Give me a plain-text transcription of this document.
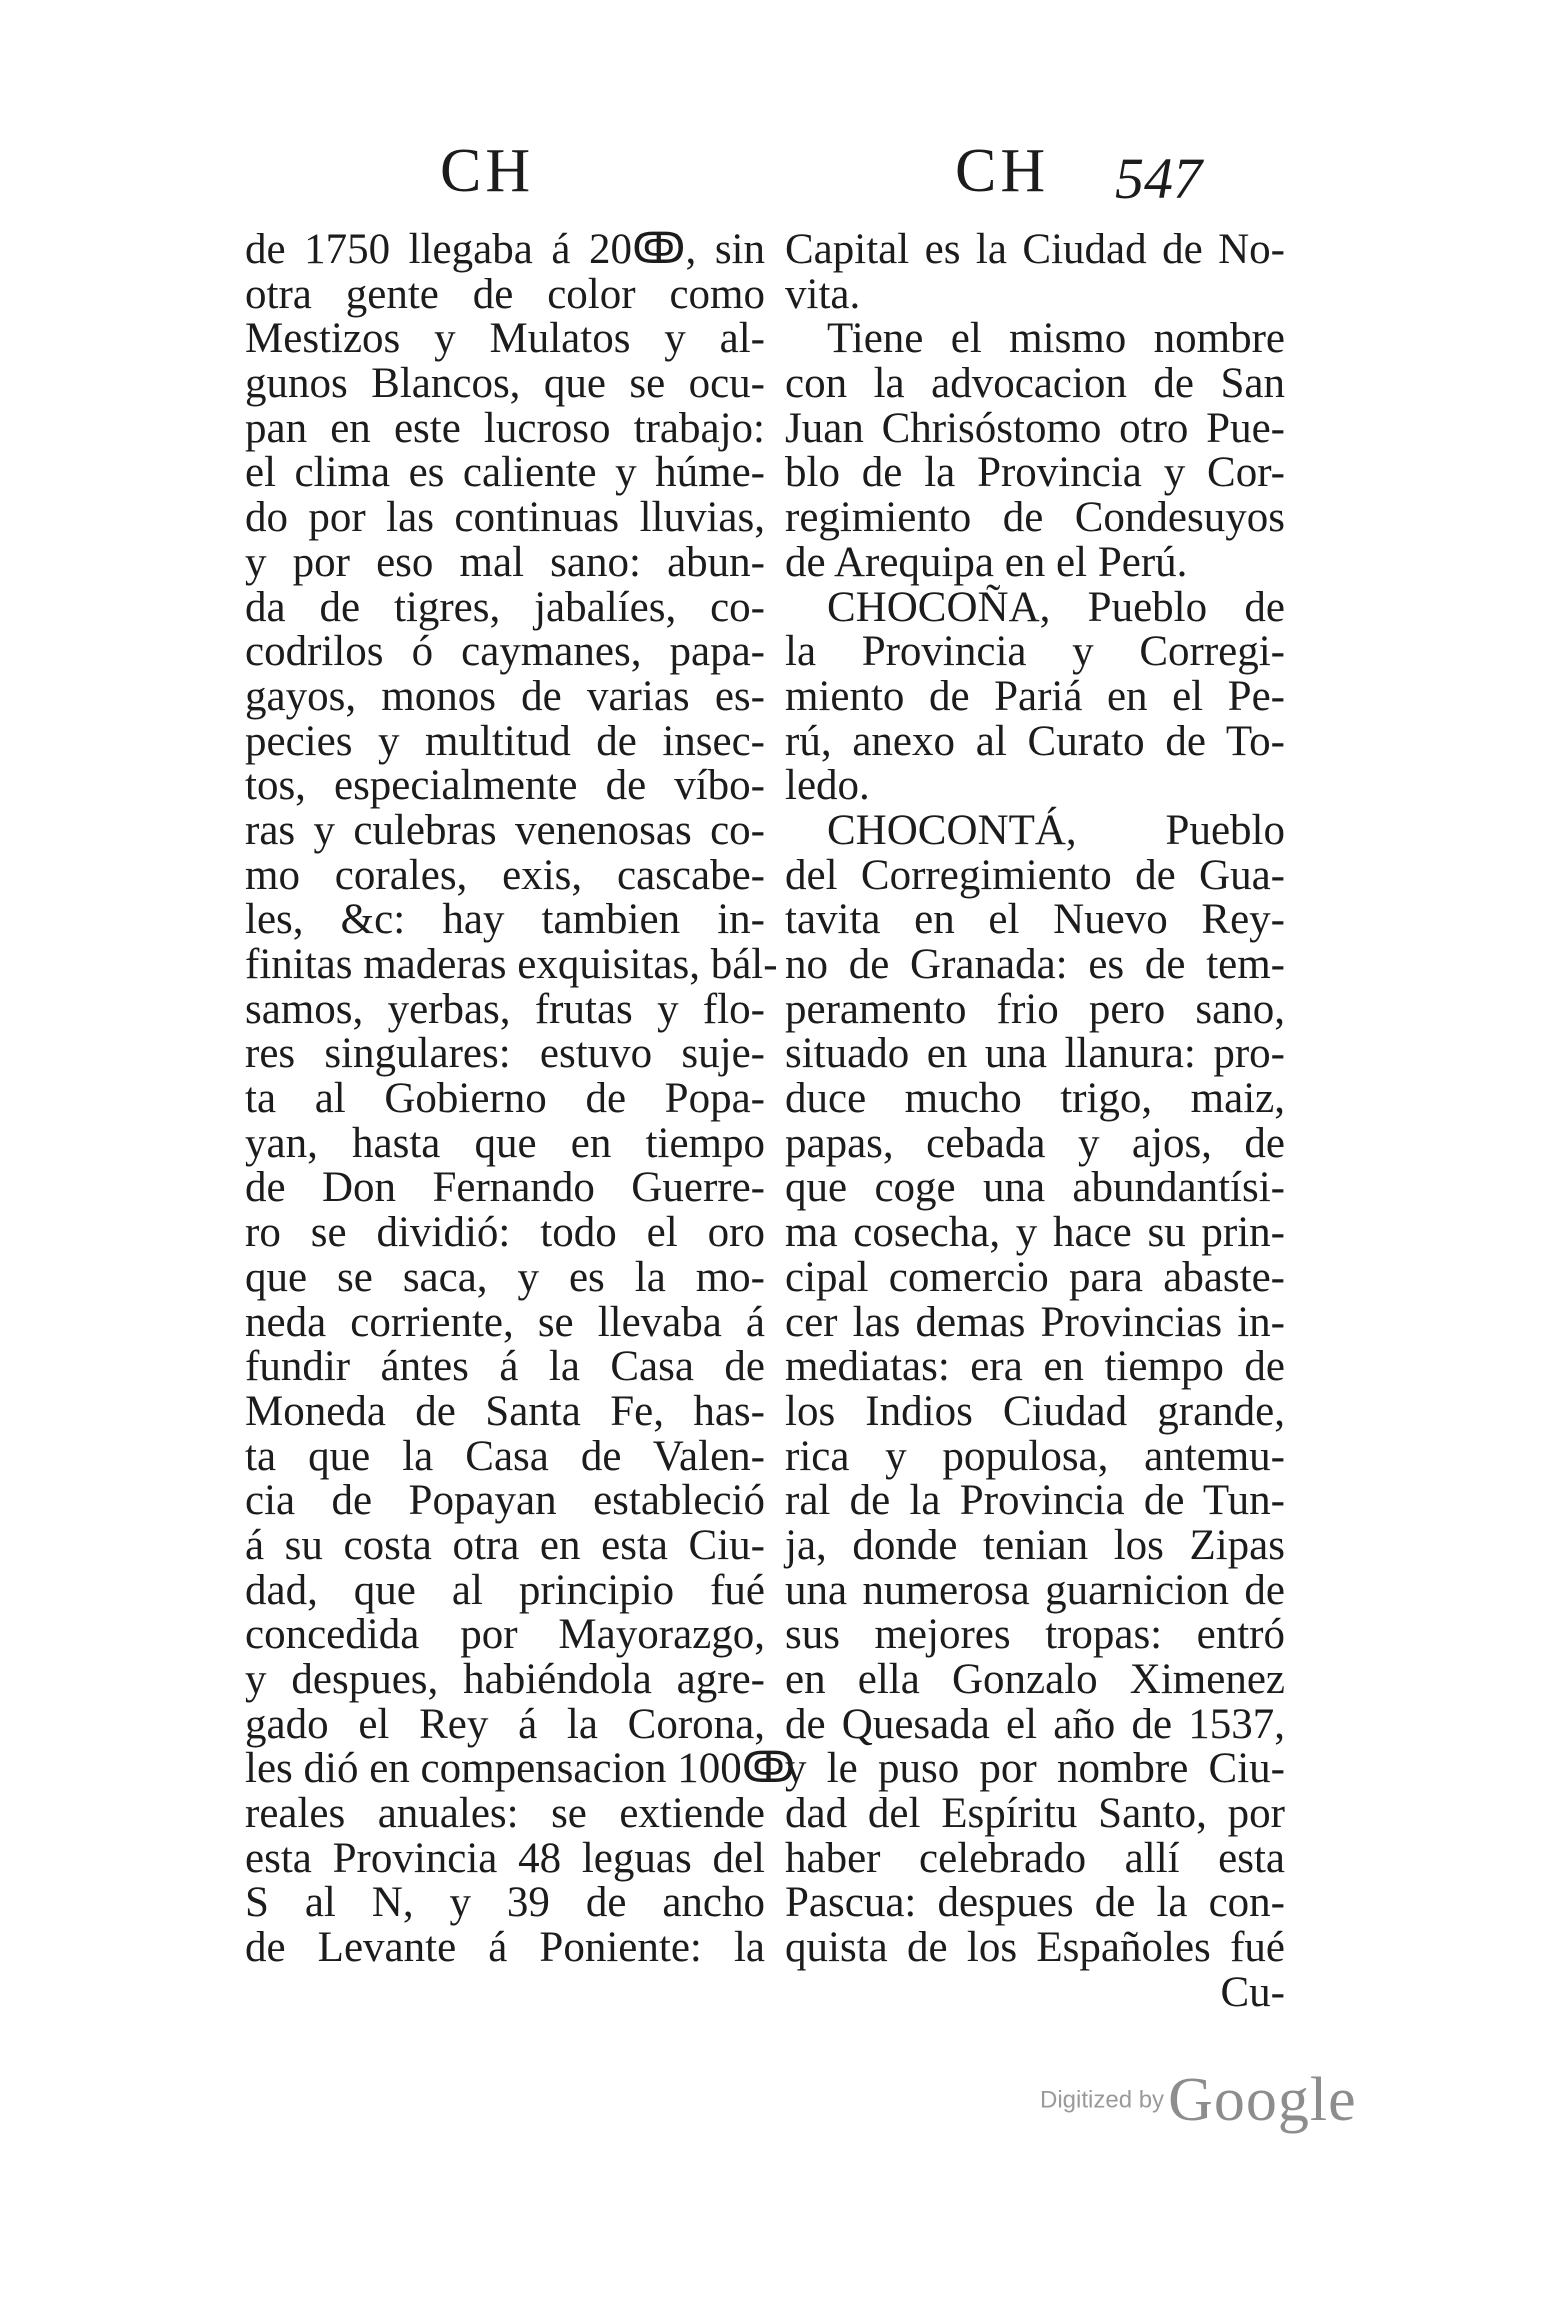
CH	CH 547
de 1750 llegaba á 20ↂ, sin
otra gente de color como
Mestizos y Mulatos y al-
gunos Blancos, que se ocu-
pan en este lucroso trabajo:
el clima es caliente y húme-
do por las continuas lluvias,
y por eso mal sano: abun-
da de tigres, jabalíes, co-
codrilos ó caymanes, papa-
gayos, monos de varias es-
pecies y multitud de insec-
tos, especialmente de víbo-
ras y culebras venenosas co-
mo corales, exis, cascabe-
les, &c: hay tambien in-
finitas maderas exquisitas, bál-
samos, yerbas, frutas y flo-
res singulares: estuvo suje-
ta al Gobierno de Popa-
yan, hasta que en tiempo
de Don Fernando Guerre-
ro se dividió: todo el oro
que se saca, y es la mo-
neda corriente, se llevaba á
fundir ántes á la Casa de
Moneda de Santa Fe, has-
ta que la Casa de Valen-
cia de Popayan estableció
á su costa otra en esta Ciu-
dad, que al principio fué
concedida por Mayorazgo,
y despues, habiéndola agre-
gado el Rey á la Corona,
les dió en compensacion 100ↂ
reales anuales: se extiende
esta Provincia 48 leguas del
S al N, y 39 de ancho
de Levante á Poniente: la
Capital es la Ciudad de No-
vita.
Tiene el mismo nombre
con la advocacion de San
Juan Chrisóstomo otro Pue-
blo de la Provincia y Cor-
regimiento de Condesuyos
de Arequipa en el Perú.
CHOCOÑA, Pueblo de
la Provincia y Corregi-
miento de Pariá en el Pe-
rú, anexo al Curato de To-
ledo.
CHOCONTÁ, Pueblo
del Corregimiento de Gua-
tavita en el Nuevo Rey-
no de Granada: es de tem-
peramento frio pero sano,
situado en una llanura: pro-
duce mucho trigo, maiz,
papas, cebada y ajos, de
que coge una abundantísi-
ma cosecha, y hace su prin-
cipal comercio para abaste-
cer las demas Provincias in-
mediatas: era en tiempo de
los Indios Ciudad grande,
rica y populosa, antemu-
ral de la Provincia de Tun-
ja, donde tenian los Zipas
una numerosa guarnicion de
sus mejores tropas: entró
en ella Gonzalo Ximenez
de Quesada el año de 1537,
y le puso por nombre Ciu-
dad del Espíritu Santo, por
haber celebrado allí esta
Pascua: despues de la con-
quista de los Españoles fué
Cu-
Digitized by Google
